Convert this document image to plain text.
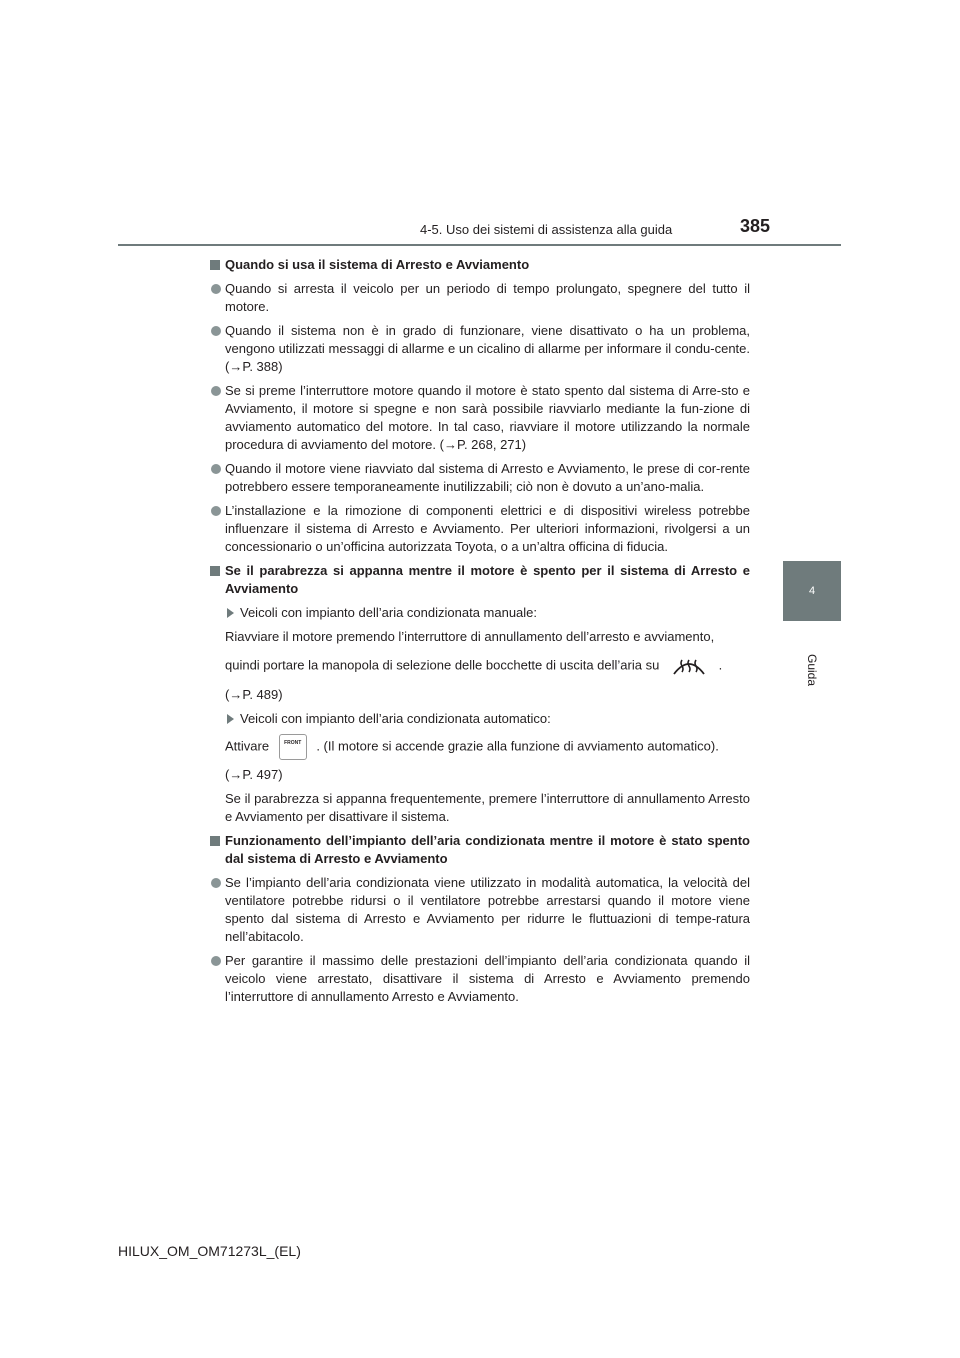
4-5. Uso dei sistemi di assistenza alla guida	385
4
Guida
Quando si usa il sistema di Arresto e Avviamento
Quando si arresta il veicolo per un periodo di tempo prolungato, spegnere del tutto il motore.
Quando il sistema non è in grado di funzionare, viene disattivato o ha un problema, vengono utilizzati messaggi di allarme e un cicalino di allarme per informare il condu-cente. (→P. 388)
Se si preme l’interruttore motore quando il motore è stato spento dal sistema di Arre-sto e Avviamento, il motore si spegne e non sarà possibile riavviarlo mediante la fun-zione di avviamento automatico del motore. In tal caso, riavviare il motore utilizzando la normale procedura di avviamento del motore. (→P. 268, 271)
Quando il motore viene riavviato dal sistema di Arresto e Avviamento, le prese di cor-rente potrebbero essere temporaneamente inutilizzabili; ciò non è dovuto a un’ano-malia.
L’installazione e la rimozione di componenti elettrici e di dispositivi wireless potrebbe influenzare il sistema di Arresto e Avviamento. Per ulteriori informazioni, rivolgersi a un concessionario o un’officina autorizzata Toyota, o a un’altra officina di fiducia.
Se il parabrezza si appanna mentre il motore è spento per il sistema di Arresto e Avviamento
Veicoli con impianto dell’aria condizionata manuale:
Riavviare il motore premendo l’interruttore di annullamento dell’arresto e avviamento,
quindi portare la manopola di selezione delle bocchette di uscita dell’aria su	.
(→P. 489)
Veicoli con impianto dell’aria condizionata automatico:
Attivare	FRONT . (Il motore si accende grazie alla funzione di avviamento automatico).
(→P. 497)
Se il parabrezza si appanna frequentemente, premere l’interruttore di annullamento Arresto e Avviamento per disattivare il sistema.
Funzionamento dell’impianto dell’aria condizionata mentre il motore è stato spento dal sistema di Arresto e Avviamento
Se l’impianto dell’aria condizionata viene utilizzato in modalità automatica, la velocità del ventilatore potrebbe ridursi o il ventilatore potrebbe arrestarsi quando il motore viene spento dal sistema di Arresto e Avviamento per ridurre le fluttuazioni di tempe-ratura nell’abitacolo.
Per garantire il massimo delle prestazioni dell’impianto dell’aria condizionata quando il veicolo viene arrestato, disattivare il sistema di Arresto e Avviamento premendo l’interruttore di annullamento Arresto e Avviamento.
HILUX_OM_OM71273L_(EL)
